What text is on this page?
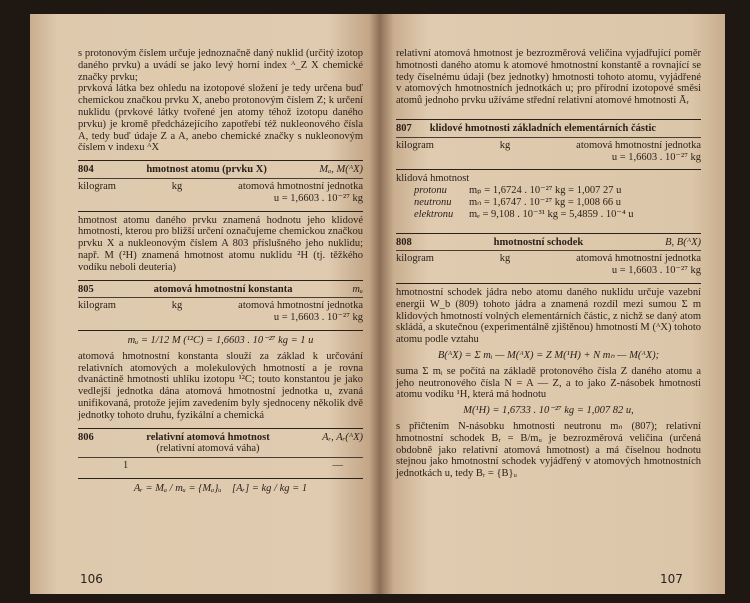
s protonovým číslem určuje jednoznačně daný nuklid (určitý izotop daného prvku) a uvádí se jako levý horní index ᴬ_Z X chemické značky prvku;

prvková látka bez ohledu na izotopové složení je tedy určena buď chemickou značkou prvku X, anebo protonovým číslem Z; k určení nuklidu (prvkové látky tvořené jen atomy téhož izotopu daného prvku) je kromě předcházejícího zapotřebí též nukleonového čísla A, tedy buď údaje Z a A, anebo chemické značky s nukleonovým číslem v indexu ᴬX

804	hmotnost atomu (prvku X)	Mₐ, M(ᴬX)
kilogram	kg	atomová hmotnostní jednotka
u = 1,6603 . 10⁻²⁷ kg

hmotnost atomu daného prvku znamená hodnotu jeho klidové hmotnosti, kterou pro bližší určení označujeme chemickou značkou prvku X a nukleonovým číslem A 803 příslušného jeho nuklidu; např. M (²H) znamená hmotnost atomu nuklidu ²H (tj. těžkého vodíku neboli deuteria)

805	atomová hmotnostní konstanta	mᵤ
kilogram	kg	atomová hmotnostní jednotka
u = 1,6603 . 10⁻²⁷ kg
mᵤ = 1/12 M (¹²C) = 1,6603 . 10⁻²⁷ kg = 1 u

atomová hmotnostní konstanta slouží za základ k určování relativních atomových a molekulových hmotností a je rovna dvanáctině hmotnosti uhlíku izotopu ¹²C; touto konstantou je jako vedlejší jednotka dána atomová hmotnostní jednotka u, zvaná unifikovaná, protože jejím zavedením byly sjednoceny několik dvě jednotky tohoto druhu, fyzikální a chemická

806	relativní atomová hmotnost
(relativní atomová váha)
Aᵣ, Aᵣ(ᴬX)
1	—
Aᵣ = Mₐ / mᵤ = {Mₐ}ᵤ [Aᵣ] = kg / kg = 1
106

relativní atomová hmotnost je bezrozměrová veličina vyjadřující poměr hmotnosti daného atomu k atomové hmotnostní konstantě a rovnající se tedy číselnému údaji (bez jednotky) hmotnosti tohoto atomu, vyjádřené v atomových hmotnostních jednotkách u; pro přírodní izotopové směsi atomů jednoho prvku užíváme střední relativní atomové hmotnosti Āᵣ

807 klidové hmotnosti základních elementárních částic
kilogram	kg	atomová hmotnostní jednotka
u = 1,6603 . 10⁻²⁷ kg
klidová hmotnost
protonu mₚ = 1,6724 . 10⁻²⁷ kg = 1,007 27 u
neutronu mₙ = 1,6747 . 10⁻²⁷ kg = 1,008 66 u
elektronu mₑ = 9,108 . 10⁻³¹ kg = 5,4859 . 10⁻⁴ u
808	hmotnostní schodek	B, B(ᴬX)
kilogram	kg	atomová hmotnostní jednotka
u = 1,6603 . 10⁻²⁷ kg

hmotnostní schodek jádra nebo atomu daného nuklidu určuje vazební energii W_b (809) tohoto jádra a znamená rozdíl mezi sumou Σ m klidových hmotností volných elementárních částic, z nichž se daný atom skládá, a skutečnou (experimentálně zjištěnou) hmotností M (ᴬX) tohoto atomu podle vztahu

B(ᴬX) = Σ mᵢ — M(ᴬX) = Z M(¹H) + N mₙ — M(ᴬX);

suma Σ mᵢ se počítá na základě protonového čísla Z daného atomu a jeho neutronového čísla N = A — Z, a to jako Z-násobek hmotnosti atomu vodíku ¹H, která má hodnotu

M(¹H) = 1,6733 . 10⁻²⁷ kg = 1,007 82 u,

s přičtením N-násobku hmotnosti neutronu mₙ (807); relativní hmotnostní schodek Bᵣ = B/mᵤ je bezrozměrová veličina (určená obdobně jako relativní atomová hmotnost) a má číselnou hodnotu stejnou jako hmotnostní schodek vyjádřený v atomových hmotnostních jednotkách u, tedy Bᵣ = {B}ᵤ

107
